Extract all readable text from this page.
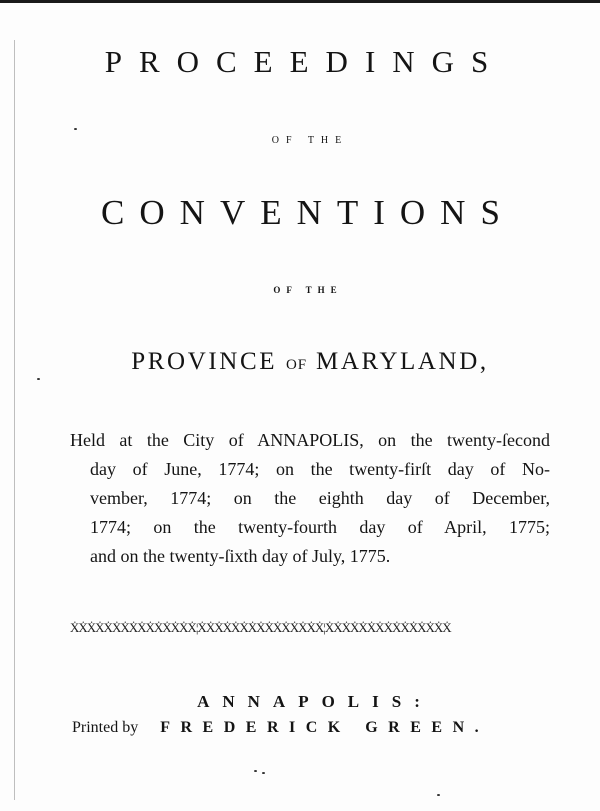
PROCEEDINGS
OF THE
CONVENTIONS
OF THE
PROVINCE OF MARYLAND,
Held at the City of ANNAPOLIS, on the twenty-ſecond
day of June, 1774; on the twenty-firſt day of No-
vember, 1774; on the eighth day of December,
1774; on the twenty-fourth day of April, 1775;
and on the twenty-ſixth day of July, 1775.
ẊẊẊẊẊẊẊẊẊẊẊẊẊẊẊ¦ẊẊẊẊẊẊẊẊẊẊẊẊẊẊẊ¦ẊẊẊẊẊẊẊẊẊẊẊẊẊẊẊ
ANNAPOLIS:
Printed by FREDERICK GREEN.
